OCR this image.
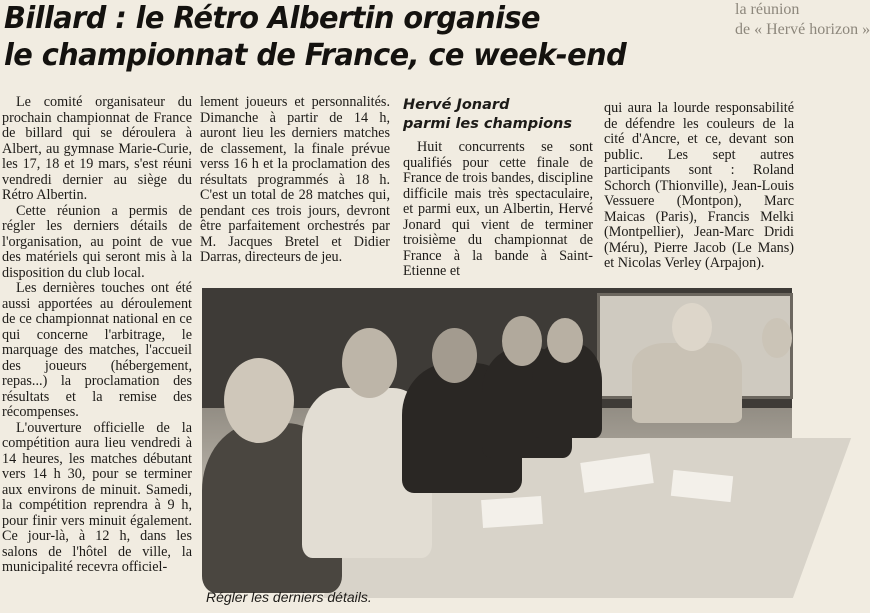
Billard : le Rétro Albertin organise
le championnat de France, ce week-end
la réunion
de « Hervé horizon »

Le comité organisateur du prochain championnat de France de billard qui se déroulera à Albert, au gymnase Marie-Curie, les 17, 18 et 19 mars, s'est réuni vendredi dernier au siège du Rétro Albertin.

Cette réunion a permis de régler les derniers détails de l'organisation, au point de vue des matériels qui seront mis à la disposition du club local.

Les dernières touches ont été aussi apportées au déroulement de ce championnat national en ce qui concerne l'arbitrage, le marquage des matches, l'accueil des joueurs (hébergement, repas...) la proclamation des résultats et la remise des récompenses.

L'ouverture officielle de la compétition aura lieu vendredi à 14 heures, les matches débutant vers 14 h 30, pour se terminer aux environs de minuit. Samedi, la compétition reprendra à 9 h, pour finir vers minuit également. Ce jour-là, à 12 h, dans les salons de l'hôtel de ville, la municipalité recevra officiel-

lement joueurs et personnalités. Dimanche à partir de 14 h, auront lieu les derniers matches de classement, la finale prévue verss 16 h et la proclamation des résultats programmés à 18 h. C'est un total de 28 matches qui, pendant ces trois jours, devront être parfaitement orchestrés par M. Jacques Bretel et Didier Darras, directeurs de jeu.

Hervé Jonard
parmi les champions

Huit concurrents se sont qualifiés pour cette finale de France de trois bandes, discipline difficile mais très spectaculaire, et parmi eux, un Albertin, Hervé Jonard qui vient de terminer troisième du championnat de France à la bande à Saint-Etienne et

qui aura la lourde responsabilité de défendre les couleurs de la cité d'Ancre, et ce, devant son public. Les sept autres participants sont : Roland Schorch (Thionville), Jean-Louis Vessuere (Montpon), Marc Maicas (Paris), Francis Melki (Montpellier), Jean-Marc Dridi (Méru), Pierre Jacob (Le Mans) et Nicolas Verley (Arpajon).

Régler les derniers détails.
